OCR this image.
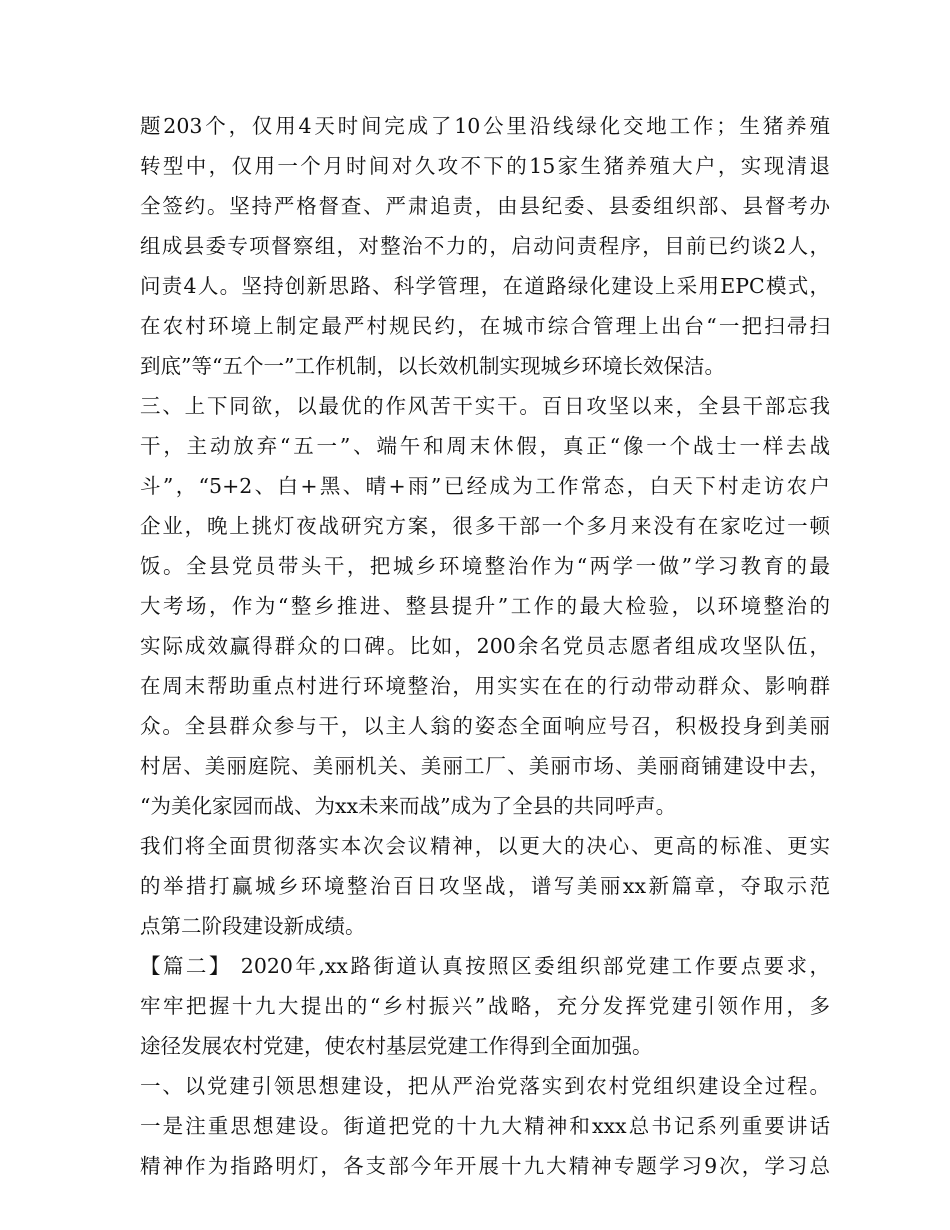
题203个，仅用4天时间完成了10公里沿线绿化交地工作；生猪养殖
转型中，仅用一个月时间对久攻不下的15家生猪养殖大户，实现清退
全签约。坚持严格督查、严肃追责，由县纪委、县委组织部、县督考办
组成县委专项督察组，对整治不力的，启动问责程序，目前已约谈2人，
问责4人。坚持创新思路、科学管理，在道路绿化建设上采用EPC模式，
在农村环境上制定最严村规民约，在城市综合管理上出台“一把扫帚扫
到底”等“五个一”工作机制，以长效机制实现城乡环境长效保洁。
三、上下同欲，以最优的作风苦干实干。百日攻坚以来，全县干部忘我
干，主动放弃“五一”、端午和周末休假，真正“像一个战士一样去战
斗”，“5+2、白+黑、晴+雨”已经成为工作常态，白天下村走访农户
企业，晚上挑灯夜战研究方案，很多干部一个多月来没有在家吃过一顿
饭。全县党员带头干，把城乡环境整治作为“两学一做”学习教育的最
大考场，作为“整乡推进、整县提升”工作的最大检验，以环境整治的
实际成效赢得群众的口碑。比如，200余名党员志愿者组成攻坚队伍，
在周末帮助重点村进行环境整治，用实实在在的行动带动群众、影响群
众。全县群众参与干，以主人翁的姿态全面响应号召，积极投身到美丽
村居、美丽庭院、美丽机关、美丽工厂、美丽市场、美丽商铺建设中去，
“为美化家园而战、为xx未来而战”成为了全县的共同呼声。
我们将全面贯彻落实本次会议精神，以更大的决心、更高的标准、更实
的举措打赢城乡环境整治百日攻坚战，谱写美丽xx新篇章，夺取示范
点第二阶段建设新成绩。
【篇二】 2020年,xx路街道认真按照区委组织部党建工作要点要求，
牢牢把握十九大提出的“乡村振兴”战略，充分发挥党建引领作用，多
途径发展农村党建，使农村基层党建工作得到全面加强。
一、以党建引领思想建设，把从严治党落实到农村党组织建设全过程。
一是注重思想建设。街道把党的十九大精神和xxx总书记系列重要讲话
精神作为指路明灯，各支部今年开展十九大精神专题学习9次，学习总
